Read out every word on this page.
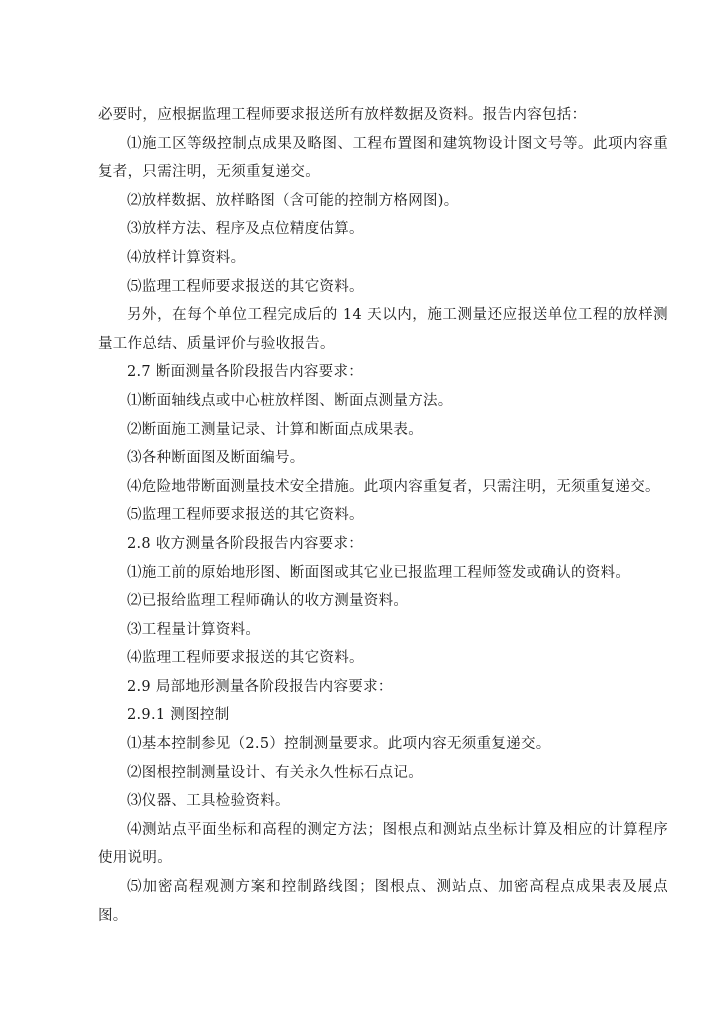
必要时，应根据监理工程师要求报送所有放样数据及资料。报告内容包括：

⑴施工区等级控制点成果及略图、工程布置图和建筑物设计图文号等。此项内容重复者，只需注明，无须重复递交。

⑵放样数据、放样略图（含可能的控制方格网图)。

⑶放样方法、程序及点位精度估算。

⑷放样计算资料。

⑸监理工程师要求报送的其它资料。

另外，在每个单位工程完成后的 14 天以内，施工测量还应报送单位工程的放样测量工作总结、质量评价与验收报告。

2.7 断面测量各阶段报告内容要求：

⑴断面轴线点或中心桩放样图、断面点测量方法。

⑵断面施工测量记录、计算和断面点成果表。

⑶各种断面图及断面编号。

⑷危险地带断面测量技术安全措施。此项内容重复者，只需注明，无须重复递交。

⑸监理工程师要求报送的其它资料。

2.8 收方测量各阶段报告内容要求：

⑴施工前的原始地形图、断面图或其它业已报监理工程师签发或确认的资料。

⑵已报给监理工程师确认的收方测量资料。

⑶工程量计算资料。

⑷监理工程师要求报送的其它资料。

2.9 局部地形测量各阶段报告内容要求：

2.9.1 测图控制

⑴基本控制参见（2.5）控制测量要求。此项内容无须重复递交。

⑵图根控制测量设计、有关永久性标石点记。

⑶仪器、工具检验资料。

⑷测站点平面坐标和高程的测定方法；图根点和测站点坐标计算及相应的计算程序使用说明。

⑸加密高程观测方案和控制路线图；图根点、测站点、加密高程点成果表及展点图。
